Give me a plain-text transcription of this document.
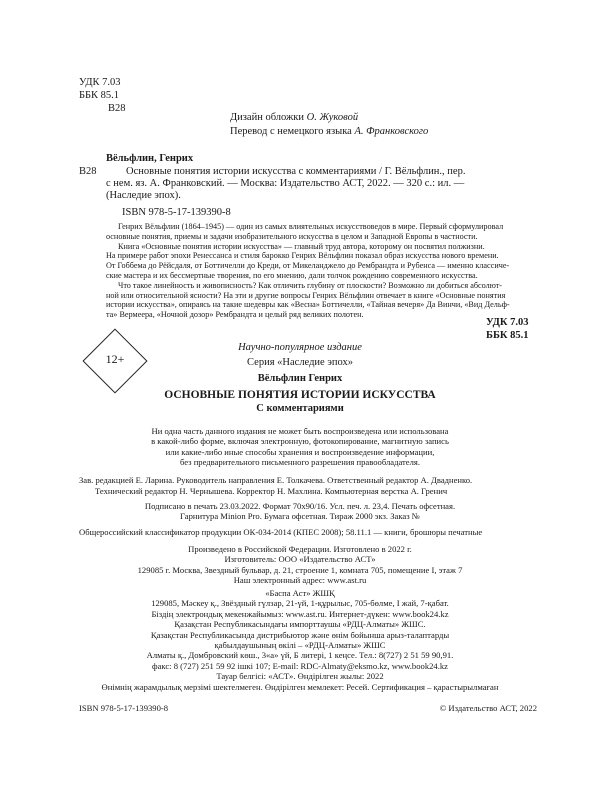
УДК 7.03
ББК 85.1
В28
Дизайн обложки О. Жуковой
Перевод с немецкого языка А. Франковского
Вёльфлин, Генрих
В28	Основные понятия истории искусства с комментариями / Г. Вёльфлин., пер.
с нем. яз. А. Франковский. — Москва: Издательство АСТ, 2022. — 320 с.: ил. —
(Наследие эпох).
ISBN 978-5-17-139390-8
Генрих Вёльфлин (1864–1945) — один из самых влиятельных искусствоведов в мире. Первый сформулировал
основные понятия, приемы и задачи изобразительного искусства в целом и Западной Европы в частности.
Книга «Основные понятия истории искусства» — главный труд автора, которому он посвятил полжизни.
На примере работ эпохи Ренессанса и стиля барокко Генрих Вёльфлин показал образ искусства нового времени.
От Гоббема до Рёйсдаля, от Боттичелли до Креди, от Микеланджело до Рембрандта и Рубенса — именно классиче-
ские мастера и их бессмертные творения, по его мнению, дали толчок рождению современного искусства.
Что такое линейность и живописность? Как отличить глубину от плоскости? Возможно ли добиться абсолют-
ной или относительной ясности? На эти и другие вопросы Генрих Вёльфлин отвечает в книге «Основные понятия
истории искусства», опираясь на такие шедевры как «Весна» Боттичелли, «Тайная вечеря» Да Винчи, «Вид Дельф-
та» Вермеера, «Ночной дозор» Рембрандта и целый ряд великих полотен.
УДК 7.03
ББК 85.1
12+
Научно-популярное издание
Серия «Наследие эпох»
Вёльфлин Генрих
ОСНОВНЫЕ ПОНЯТИЯ ИСТОРИИ ИСКУССТВА
С комментариями
Ни одна часть данного издания не может быть воспроизведена или использована
в какой-либо форме, включая электронную, фотокопирование, магнитную запись
или какие-либо иные способы хранения и воспроизведение информации,
без предварительного письменного разрешения правообладателя.
Зав. редакцией Е. Ларина. Руководитель направления Е. Толкачева. Ответственный редактор А. Двадненко.
Технический редактор Н. Чернышева. Корректор Н. Махлина. Компьютерная верстка А. Гренич
Подписано в печать 23.03.2022. Формат 70х90/16. Усл. печ. л. 23,4. Печать офсетная.
Гарнитура Minion Pro. Бумага офсетная. Тираж 2000 экз. Заказ №
Общероссийский классификатор продукции ОК-034-2014 (КПЕС 2008); 58.11.1 — книги, брошюры печатные
Произведено в Российской Федерации. Изготовлено в 2022 г.
Изготовитель: ООО «Издательство АСТ»
129085 г. Москва, Звездный бульвар, д. 21, строение 1, комната 705, помещение I, этаж 7
Наш электронный адрес: www.ast.ru
«Баспа Аст» ЖШҚ
129085, Мәскеу қ., Звёздный гүлзар, 21-үй, 1-құрылыс, 705-бөлме, I жай, 7-қабат.
Біздің электрондық мекенжайымыз: www.ast.ru. Интернет-дүкен: www.book24.kz
Қазақстан Республикасындағы импорттаушы «РДЦ-Алматы» ЖШС.
Қазақстан Республикасында дистрибьютор және өнім бойынша арыз-талаптарды
қабылдаушының өкілі – «РДЦ-Алматы» ЖШС
Алматы қ., Домбровский көш., 3«а» үй, Б литері, 1 кеңсе. Тел.: 8(727) 2 51 59 90,91.
факс: 8 (727) 251 59 92 ішкі 107; E-mail: RDC-Almaty@eksmo.kz, www.book24.kz
Тауар белгісі: «АСТ». Өндірілген жылы: 2022
Өнімнің жарамдылық мерзімі шектелмеген. Өндірілген мемлекет: Ресей. Сертификация – қарастырылмаған
ISBN 978-5-17-139390-8	© Издательство АСТ, 2022
